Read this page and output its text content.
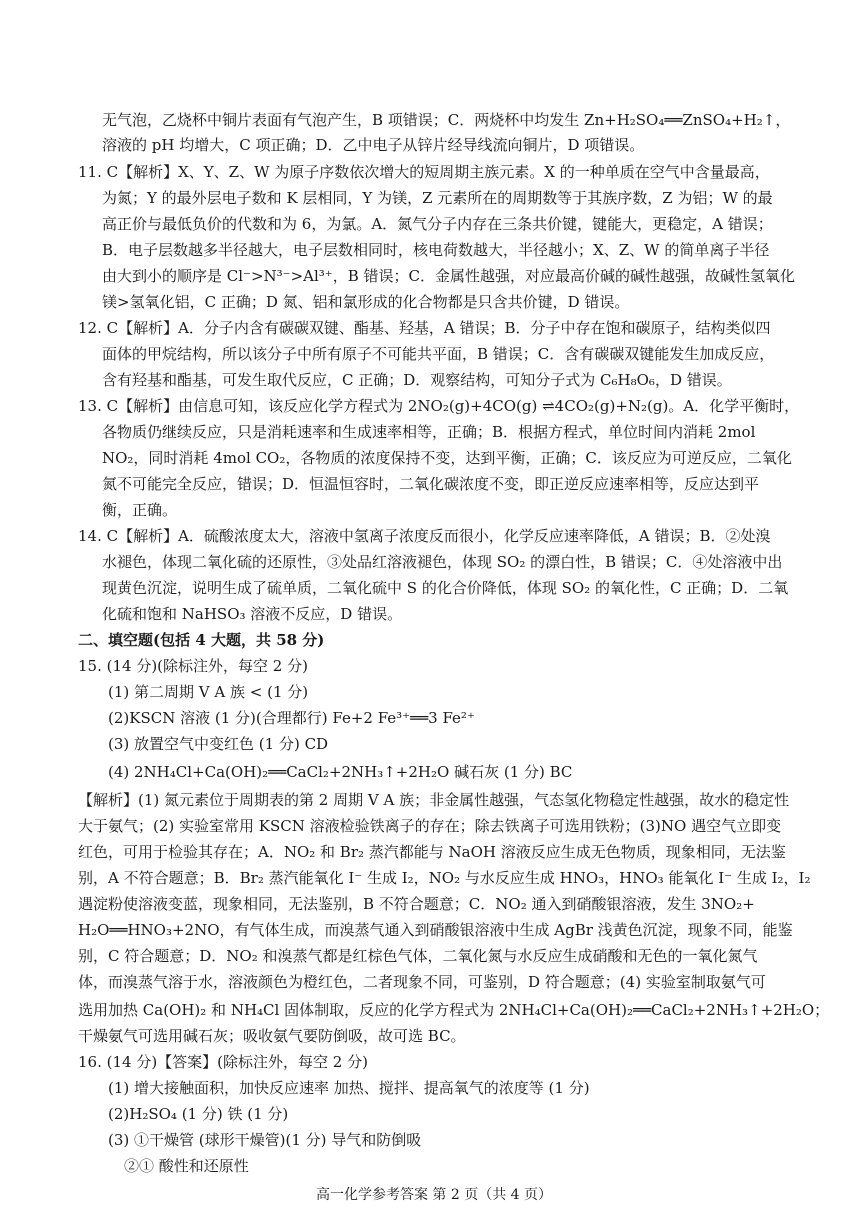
无气泡，乙烧杯中铜片表面有气泡产生，B 项错误；C．两烧杯中均发生 Zn+H₂SO₄══ZnSO₄+H₂↑，
溶液的 pH 均增大，C 项正确；D．乙中电子从锌片经导线流向铜片，D 项错误。
11. C【解析】X、Y、Z、W 为原子序数依次增大的短周期主族元素。X 的一种单质在空气中含量最高，
为氮；Y 的最外层电子数和 K 层相同，Y 为镁，Z 元素所在的周期数等于其族序数，Z 为铝；W 的最
高正价与最低负价的代数和为 6，为氯。A．氮气分子内存在三条共价键，键能大，更稳定，A 错误；
B．电子层数越多半径越大，电子层数相同时，核电荷数越大，半径越小；X、Z、W 的简单离子半径
由大到小的顺序是 Cl⁻>N³⁻>Al³⁺，B 错误；C．金属性越强，对应最高价碱的碱性越强，故碱性氢氧化
镁>氢氧化铝，C 正确；D 氮、铝和氯形成的化合物都是只含共价键，D 错误。
12. C【解析】A．分子内含有碳碳双键、酯基、羟基，A 错误；B．分子中存在饱和碳原子，结构类似四
面体的甲烷结构，所以该分子中所有原子不可能共平面，B 错误；C．含有碳碳双键能发生加成反应，
含有羟基和酯基，可发生取代反应，C 正确；D．观察结构，可知分子式为 C₆H₈O₆，D 错误。
13. C【解析】由信息可知，该反应化学方程式为 2NO₂(g)+4CO(g) ⇌4CO₂(g)+N₂(g)。A．化学平衡时，
各物质仍继续反应，只是消耗速率和生成速率相等，正确；B．根据方程式，单位时间内消耗 2mol
NO₂，同时消耗 4mol CO₂，各物质的浓度保持不变，达到平衡，正确；C．该反应为可逆反应，二氧化
氮不可能完全反应，错误；D．恒温恒容时，二氧化碳浓度不变，即正逆反应速率相等，反应达到平
衡，正确。
14. C【解析】A．硫酸浓度太大，溶液中氢离子浓度反而很小，化学反应速率降低，A 错误；B．②处溴
水褪色，体现二氧化硫的还原性，③处品红溶液褪色，体现 SO₂ 的漂白性，B 错误；C．④处溶液中出
现黄色沉淀，说明生成了硫单质，二氧化硫中 S 的化合价降低，体现 SO₂ 的氧化性，C 正确；D．二氧
化硫和饱和 NaHSO₃ 溶液不反应，D 错误。
二、填空题(包括 4 大题，共 58 分)
15. (14 分)(除标注外，每空 2 分)
(1) 第二周期 V A 族 < (1 分)
(2)KSCN 溶液 (1 分)(合理都行) Fe+2 Fe³⁺══3 Fe²⁺
(3) 放置空气中变红色 (1 分) CD
(4) 2NH₄Cl+Ca(OH)₂══CaCl₂+2NH₃↑+2H₂O 碱石灰 (1 分) BC
【解析】(1) 氮元素位于周期表的第 2 周期 V A 族；非金属性越强，气态氢化物稳定性越强，故水的稳定性
大于氨气；(2) 实验室常用 KSCN 溶液检验铁离子的存在；除去铁离子可选用铁粉；(3)NO 遇空气立即变
红色，可用于检验其存在；A．NO₂ 和 Br₂ 蒸汽都能与 NaOH 溶液反应生成无色物质，现象相同，无法鉴
别，A 不符合题意；B．Br₂ 蒸汽能氧化 I⁻ 生成 I₂，NO₂ 与水反应生成 HNO₃，HNO₃ 能氧化 I⁻ 生成 I₂，I₂
遇淀粉使溶液变蓝，现象相同，无法鉴别，B 不符合题意；C．NO₂ 通入到硝酸银溶液，发生 3NO₂+
H₂O══HNO₃+2NO，有气体生成，而溴蒸气通入到硝酸银溶液中生成 AgBr 浅黄色沉淀，现象不同，能鉴
别，C 符合题意；D．NO₂ 和溴蒸气都是红棕色气体，二氧化氮与水反应生成硝酸和无色的一氧化氮气
体，而溴蒸气溶于水，溶液颜色为橙红色，二者现象不同，可鉴别，D 符合题意；(4) 实验室制取氨气可
选用加热 Ca(OH)₂ 和 NH₄Cl 固体制取，反应的化学方程式为 2NH₄Cl+Ca(OH)₂══CaCl₂+2NH₃↑+2H₂O；
干燥氨气可选用碱石灰；吸收氨气要防倒吸，故可选 BC。
16. (14 分)【答案】(除标注外，每空 2 分)
(1) 增大接触面积，加快反应速率 加热、搅拌、提高氧气的浓度等 (1 分)
(2)H₂SO₄ (1 分) 铁 (1 分)
(3) ①干燥管 (球形干燥管)(1 分) 导气和防倒吸
②① 酸性和还原性
高一化学参考答案 第 2 页（共 4 页）
